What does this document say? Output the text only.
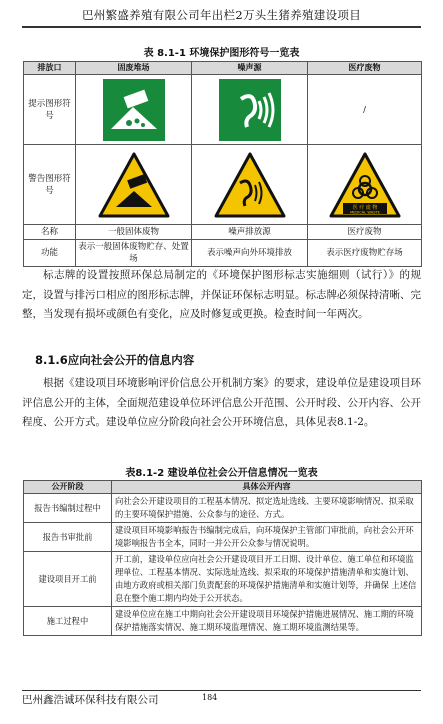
巴州繁盛养殖有限公司年出栏2万头生猪养殖建设项目
表 8.1-1 环境保护图形符号一览表
排放口	固废堆场	噪声源	医疗废物
提示图形符号			/
警告图形符号			医 疗 废 物
MEDICAL WASTE

名称	一般固体废物	噪声排放源	医疗废物
功能	表示一般固体废物贮存、处置场	表示噪声向外环境排放	表示医疗废物贮存场

标志牌的设置按照环保总局制定的《环境保护图形标志实施细则（试行）》的规定，设置与排污口相应的图形标志牌，并保证环保标志明显。标志牌必须保持清晰、完整，当发现有损坏或颜色有变化，应及时修复或更换。检查时间一年两次。

8.1.6应向社会公开的信息内容

根据《建设项目环境影响评价信息公开机制方案》的要求，建设单位是建设项目环评信息公开的主体，全面规范建设单位环评信息公开范围、公开时段、公开内容、公开程度、公开方式。建设单位应分阶段向社会公开环境信息，具体见表8.1-2。

表8.1-2 建设单位社会公开信息情况一览表
公开阶段	具体公开内容
报告书编制过程中	向社会公开建设项目的工程基本情况、拟定选址选线、主要环境影响情况、拟采取的主要环境保护措施、公众参与的途径、方式。
报告书审批前	建设项目环境影响报告书编制完成后，向环境保护主管部门审批前，向社会公开环境影响报告书全本，同时一并公开公众参与情况说明。
建设项目开工前	开工前，建设单位应向社会公开建设项目开工日期、设计单位、施工单位和环境监理单位、工程基本情况、实际选址选线、拟采取的环境保护措施清单和实施计划、由地方政府或相关部门负责配套的环境保护措施清单和实施计划等，并确保 上述信息在整个施工期内均处于公开状态。
施工过程中	建设单位应在施工中期向社会公开建设项目环境保护措施进展情况、施工期的环境保护措施落实情况、施工期环境监理情况、施工期环境监测结果等。
巴州鑫浩诚环保科技有限公司	184
